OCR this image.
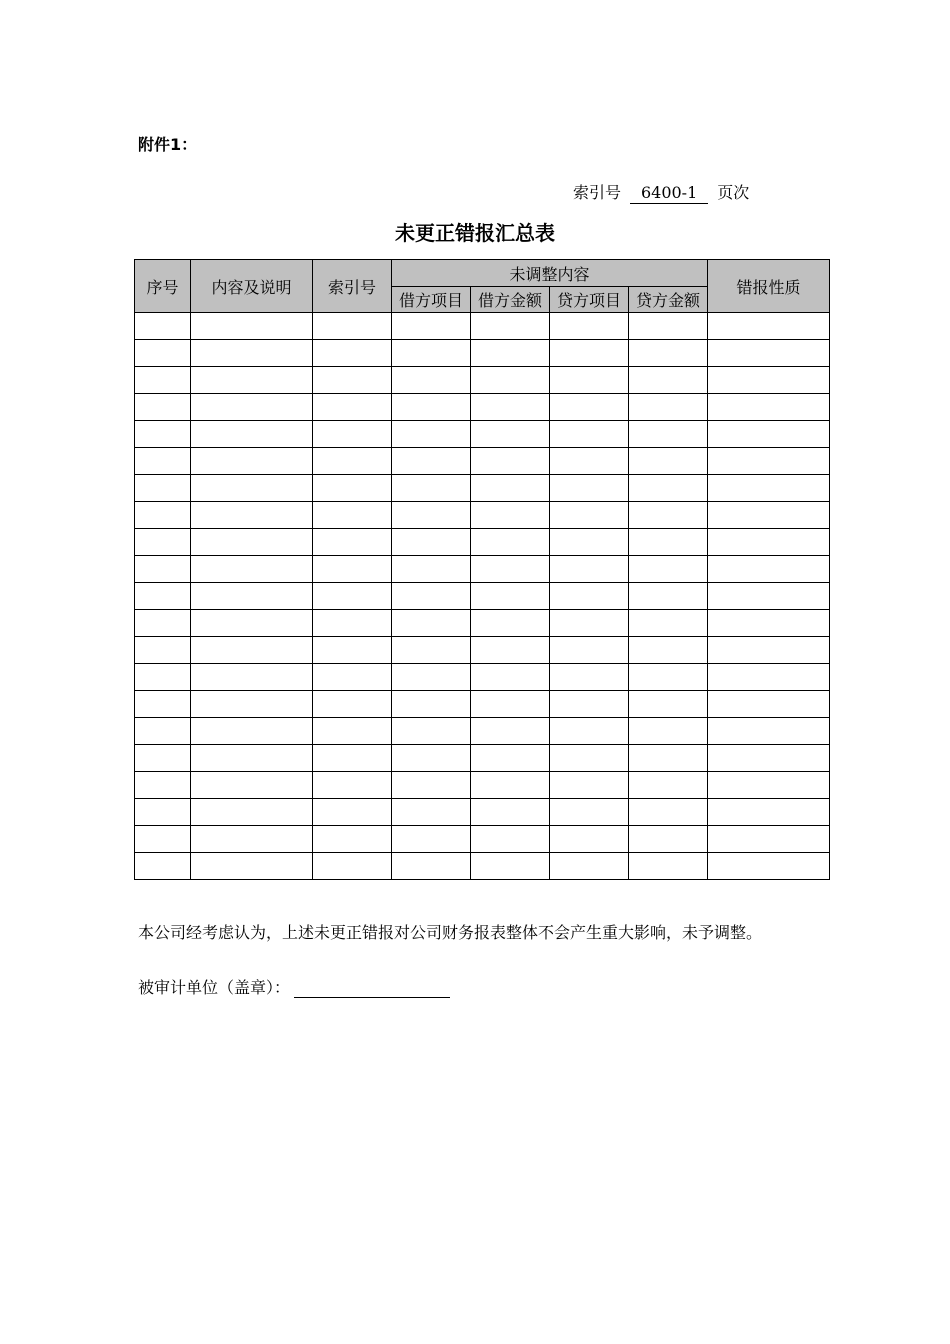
附件1：
索引号 6400-1 页次
未更正错报汇总表
序号	内容及说明	索引号	未调整内容				错报性质
			借方项目	借方金额	贷方项目	贷方金额	

本公司经考虑认为，上述未更正错报对公司财务报表整体不会产生重大影响，未予调整。
被审计单位（盖章）：
